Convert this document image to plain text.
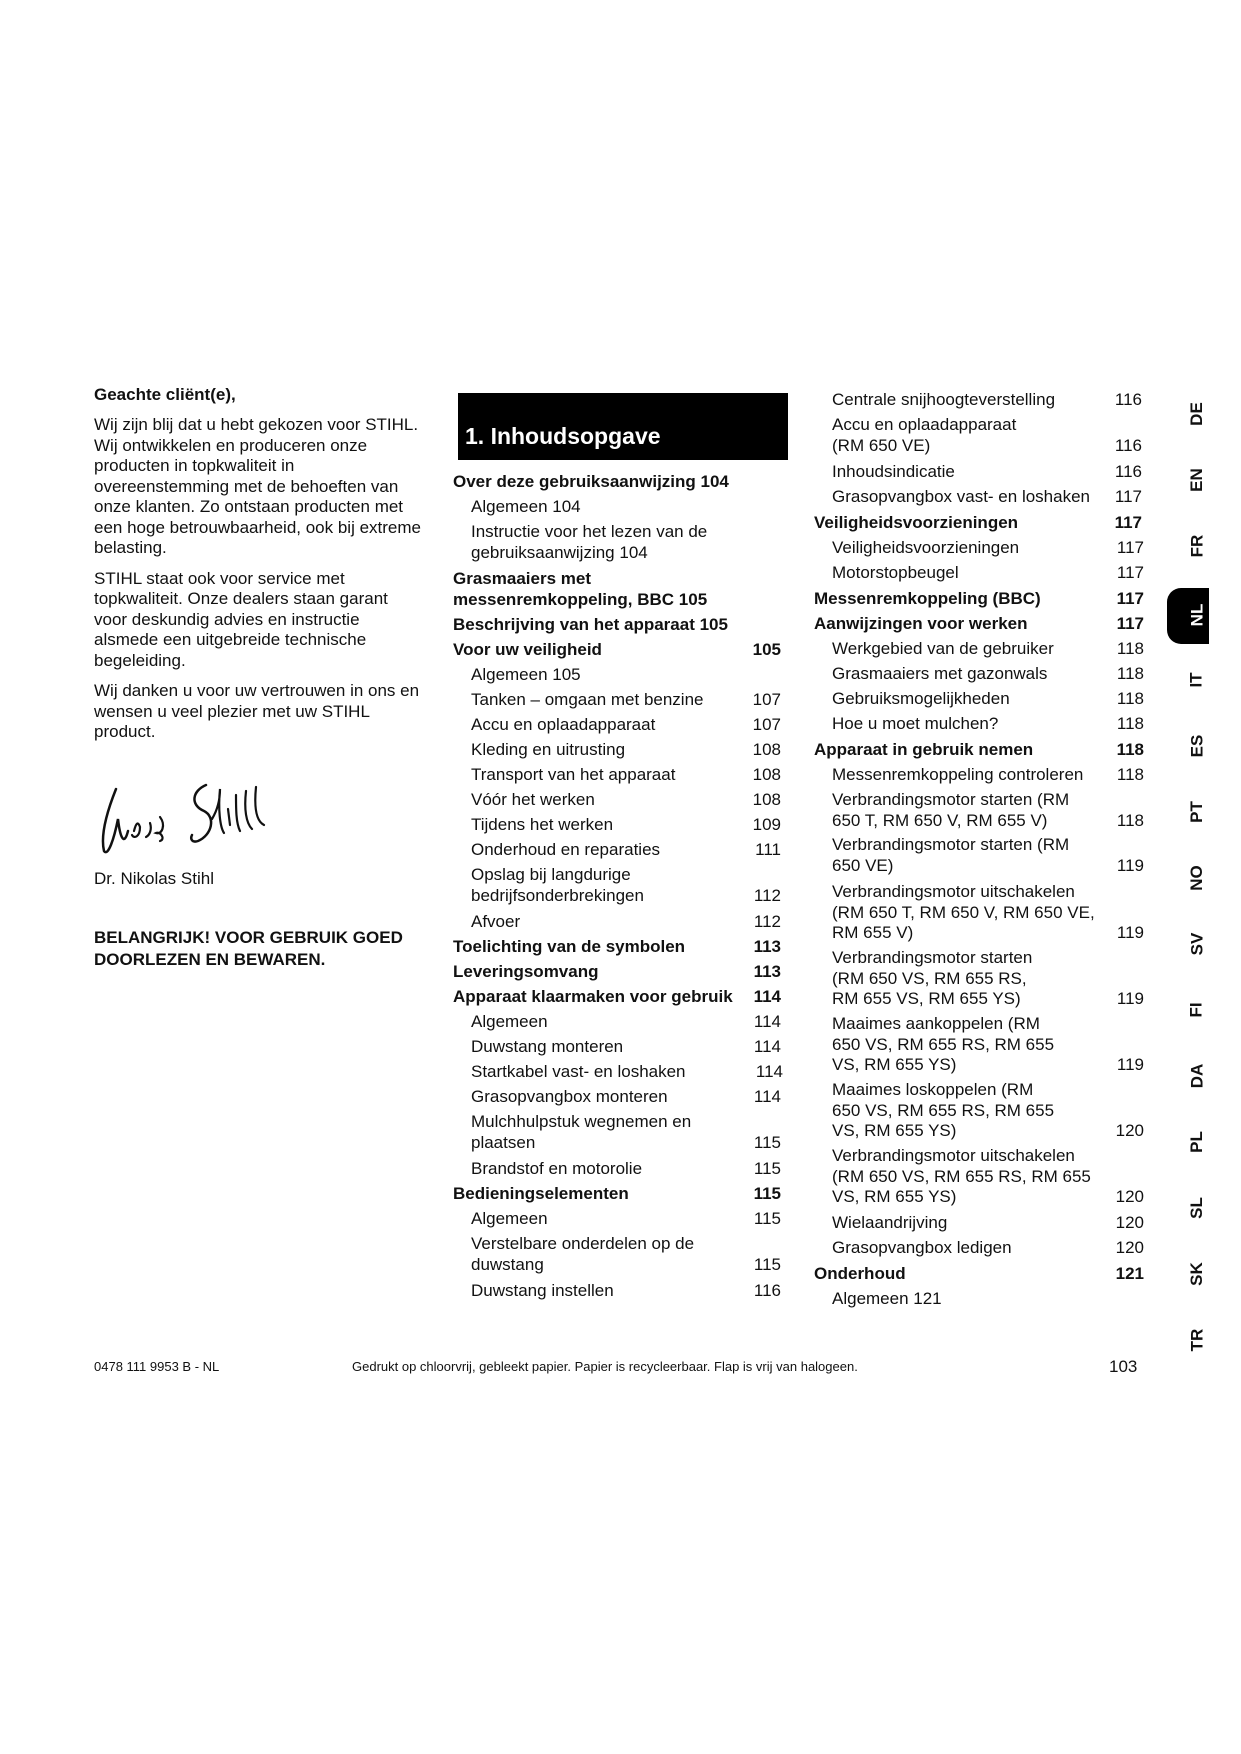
Geachte cliënt(e),

Wij zijn blij dat u hebt gekozen voor STIHL. Wij ontwikkelen en produceren onze producten in topkwaliteit in overeenstemming met de behoeften van onze klanten. Zo ontstaan producten met een hoge betrouwbaarheid, ook bij extreme belasting.

STIHL staat ook voor service met topkwaliteit. Onze dealers staan garant voor deskundig advies en instructie alsmede een uitgebreide technische begeleiding.

Wij danken u voor uw vertrouwen in ons en wensen u veel plezier met uw STIHL product.

Dr. Nikolas Stihl
BELANGRIJK! VOOR GEBRUIK GOED DOORLEZEN EN BEWAREN.
1. Inhoudsopgave
Over deze gebruiksaanwijzing 104
Algemeen 104
Instructie voor het lezen van de gebruiksaanwijzing 104
Grasmaaiers met messenremkoppeling, BBC 105
Beschrijving van het apparaat 105
Voor uw veiligheid	105
Algemeen 105
Tanken – omgaan met benzine	107
Accu en oplaadapparaat	107
Kleding en uitrusting	108
Transport van het apparaat	108
Vóór het werken	108
Tijdens het werken	109
Onderhoud en reparaties	111
Opslag bij langdurige bedrijfsonderbrekingen	112
Afvoer	112
Toelichting van de symbolen	113
Leveringsomvang	113
Apparaat klaarmaken voor gebruik	114
Algemeen	114
Duwstang monteren	114
Startkabel vast- en loshaken	114
Grasopvangbox monteren	114
Mulchhulpstuk wegnemen en plaatsen	115
Brandstof en motorolie	115
Bedieningselementen	115
Algemeen	115
Verstelbare onderdelen op de duwstang	115
Duwstang instellen	116
Centrale snijhoogteverstelling	116
Accu en oplaadapparaat (RM 650 VE)	116
Inhoudsindicatie	116
Grasopvangbox vast- en loshaken	117
Veiligheidsvoorzieningen	117
Veiligheidsvoorzieningen	117
Motorstopbeugel	117
Messenremkoppeling (BBC)	117
Aanwijzingen voor werken	117
Werkgebied van de gebruiker	118
Grasmaaiers met gazonwals	118
Gebruiksmogelijkheden	118
Hoe u moet mulchen?	118
Apparaat in gebruik nemen	118
Messenremkoppeling controleren	118
Verbrandingsmotor starten (RM 650 T, RM 650 V, RM 655 V)	118
Verbrandingsmotor starten (RM 650 VE)	119
Verbrandingsmotor uitschakelen (RM 650 T, RM 650 V, RM 650 VE, RM 655 V)	119
Verbrandingsmotor starten (RM 650 VS, RM 655 RS, RM 655 VS, RM 655 YS)	119
Maaimes aankoppelen (RM 650 VS, RM 655 RS, RM 655 VS, RM 655 YS)	119
Maaimes loskoppelen (RM 650 VS, RM 655 RS, RM 655 VS, RM 655 YS)	120
Verbrandingsmotor uitschakelen (RM 650 VS, RM 655 RS, RM 655 VS, RM 655 YS)	120
Wielaandrijving	120
Grasopvangbox ledigen	120
Onderhoud	121
Algemeen 121
DE
EN
FR
NL
IT
ES
PT
NO
SV
FI
DA
PL
SL
SK
TR
0478 111 9953 B - NL	Gedrukt op chloorvrij, gebleekt papier. Papier is recycleerbaar. Flap is vrij van halogeen.	103
